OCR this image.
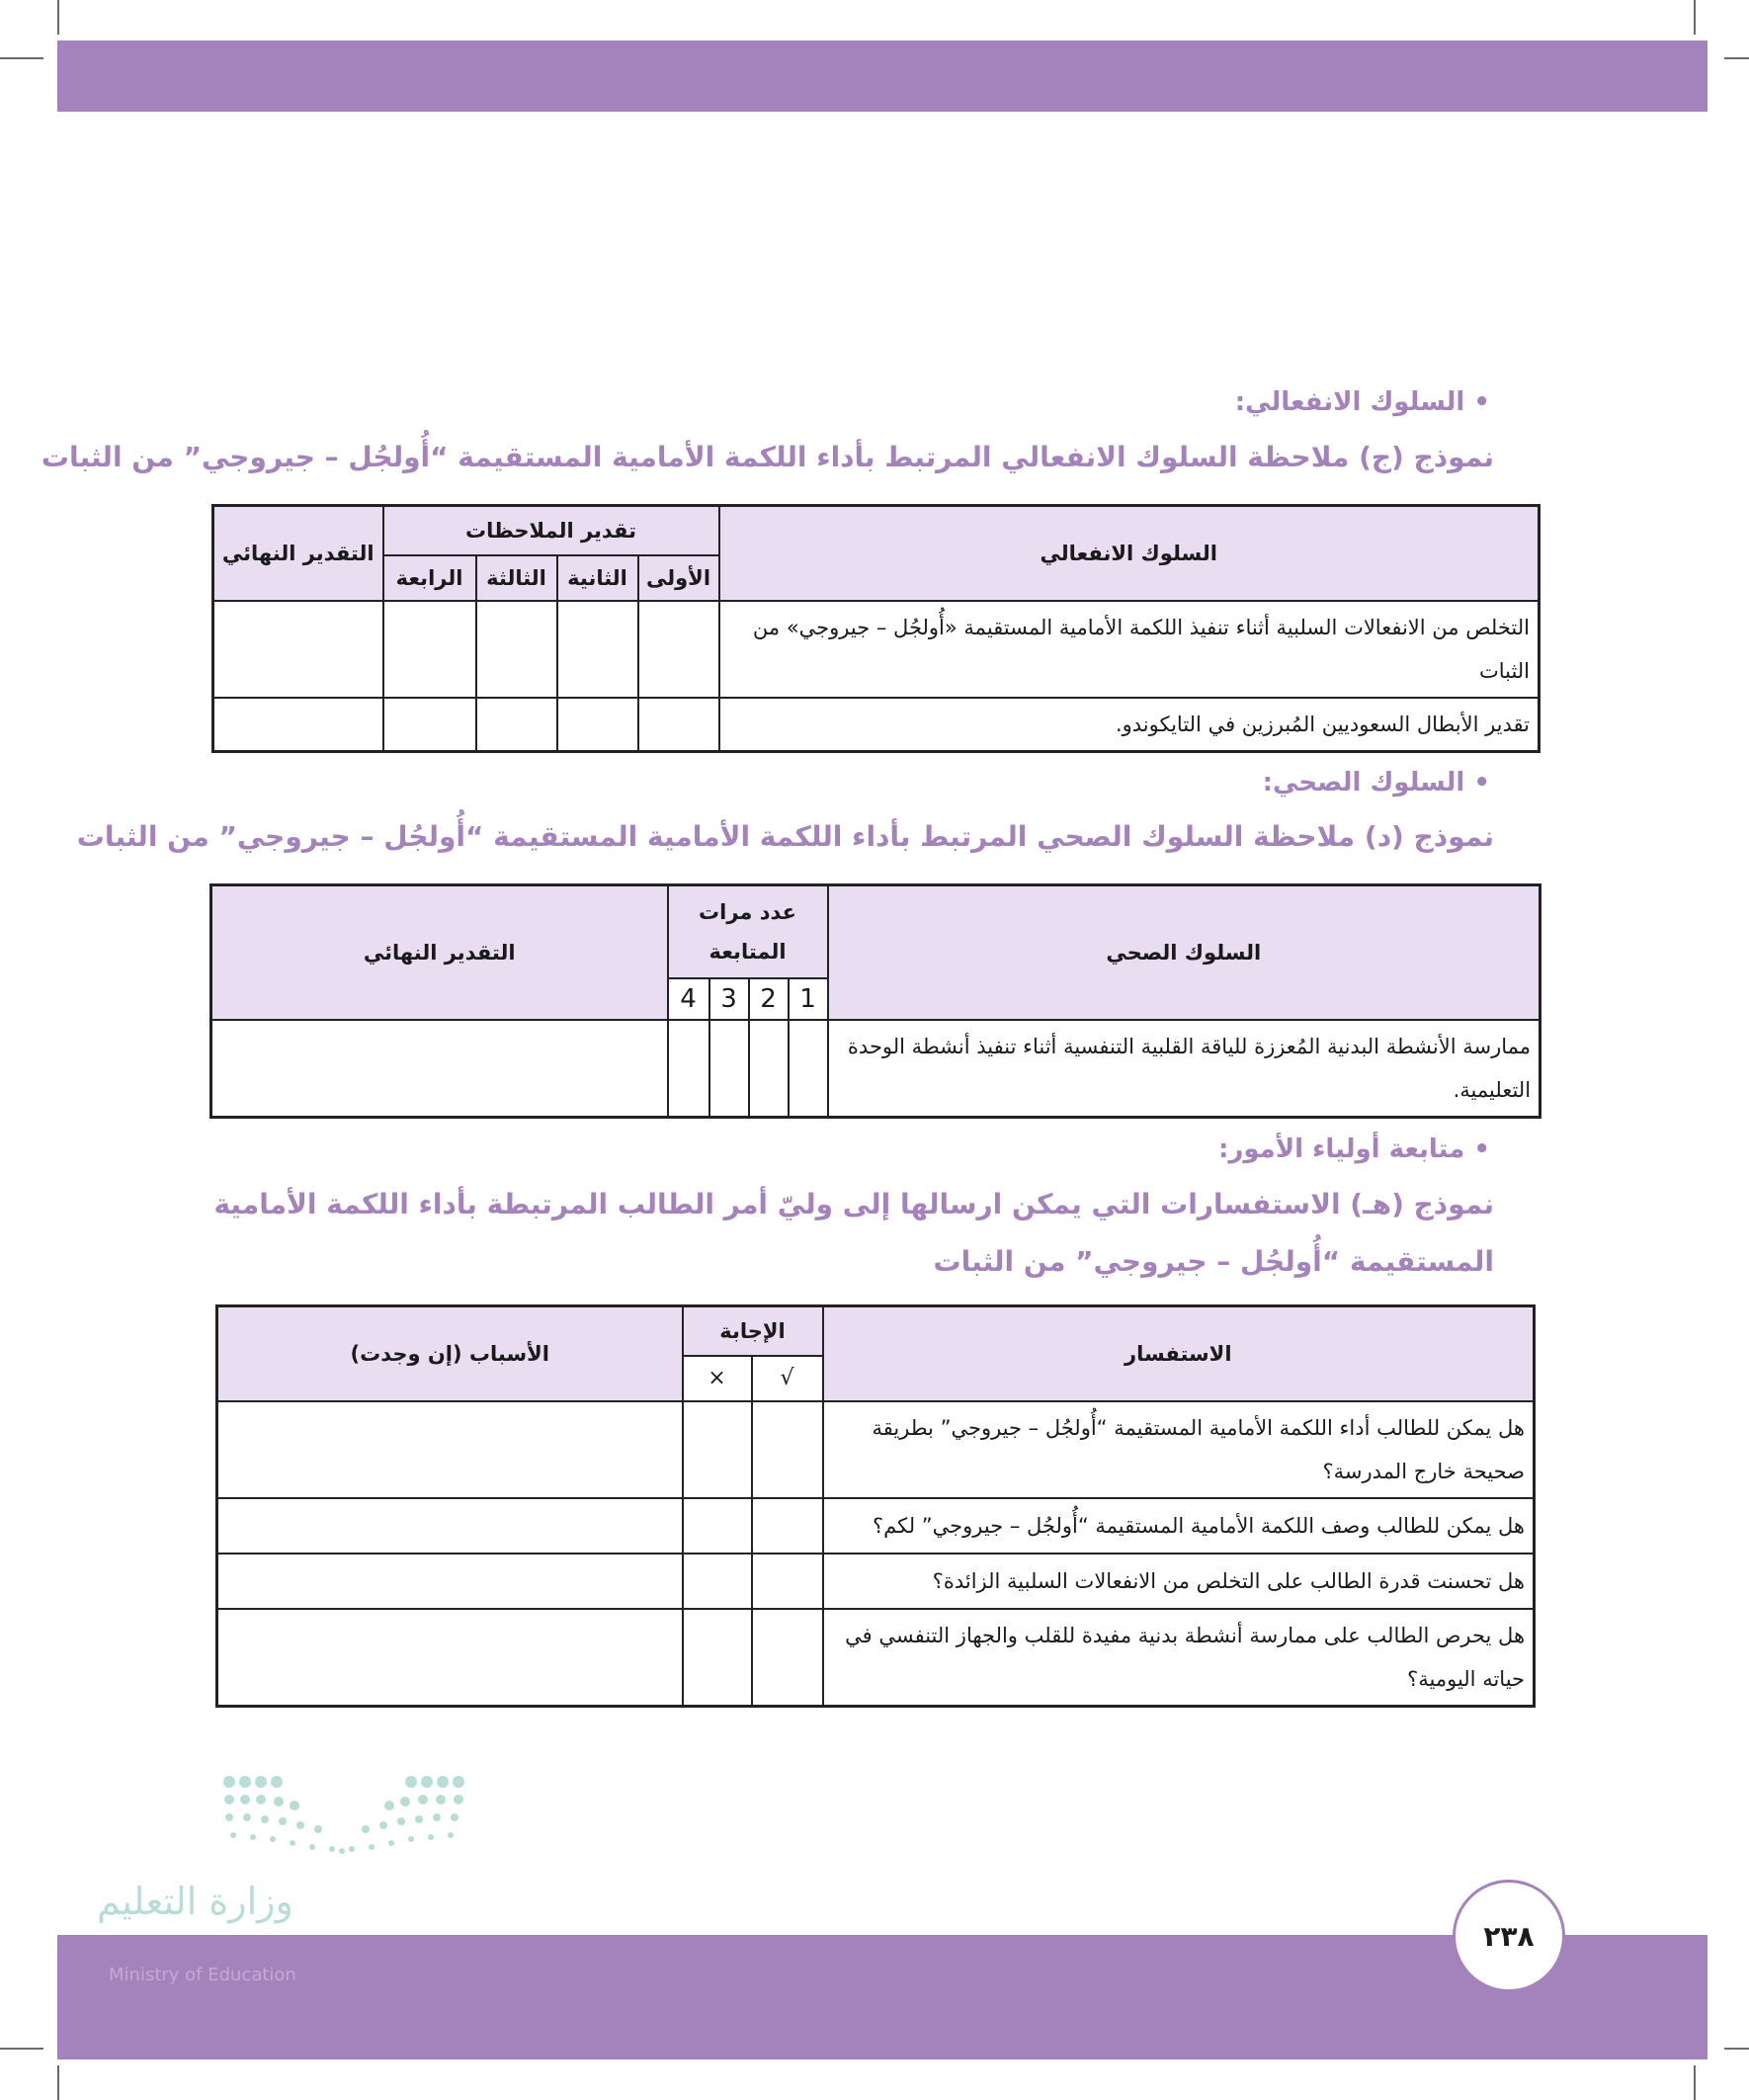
• السلوك الانفعالي:
نموذج (ج) ملاحظة السلوك الانفعالي المرتبط بأداء اللكمة الأمامية المستقيمة “أُولجُل – جيروجي” من الثبات
السلوك الانفعالي	تقدير الملاحظات				التقدير النهائي
	الأولى	الثانية	الثالثة	الرابعة	
التخلص من الانفعالات السلبية أثناء تنفيذ اللكمة الأمامية المستقيمة «أُولجُل – جيروجي» من الثبات					
تقدير الأبطال السعوديين المُبرزين في التايكوندو.					
• السلوك الصحي:
نموذج (د) ملاحظة السلوك الصحي المرتبط بأداء اللكمة الأمامية المستقيمة “أُولجُل – جيروجي” من الثبات
السلوك الصحي	عدد مرات المتابعة				التقدير النهائي
	1	2	3	4	
ممارسة الأنشطة البدنية المُعززة للياقة القلبية التنفسية أثناء تنفيذ أنشطة الوحدة التعليمية.					
• متابعة أولياء الأمور:
نموذج (هـ) الاستفسارات التي يمكن ارسالها إلى وليّ أمر الطالب المرتبطة بأداء اللكمة الأمامية المستقيمة “أُولجُل – جيروجي” من الثبات
الاستفسار	الإجابة		الأسباب (إن وجدت)
	√	×	
هل يمكن للطالب أداء اللكمة الأمامية المستقيمة “أُولجُل – جيروجي” بطريقة صحيحة خارج المدرسة؟			
هل يمكن للطالب وصف اللكمة الأمامية المستقيمة “أُولجُل – جيروجي” لكم؟			
هل تحسنت قدرة الطالب على التخلص من الانفعالات السلبية الزائدة؟			
هل يحرص الطالب على ممارسة أنشطة بدنية مفيدة للقلب والجهاز التنفسي في حياته اليومية؟			
وزارة التعليم
Ministry of Education
٢٣٨
